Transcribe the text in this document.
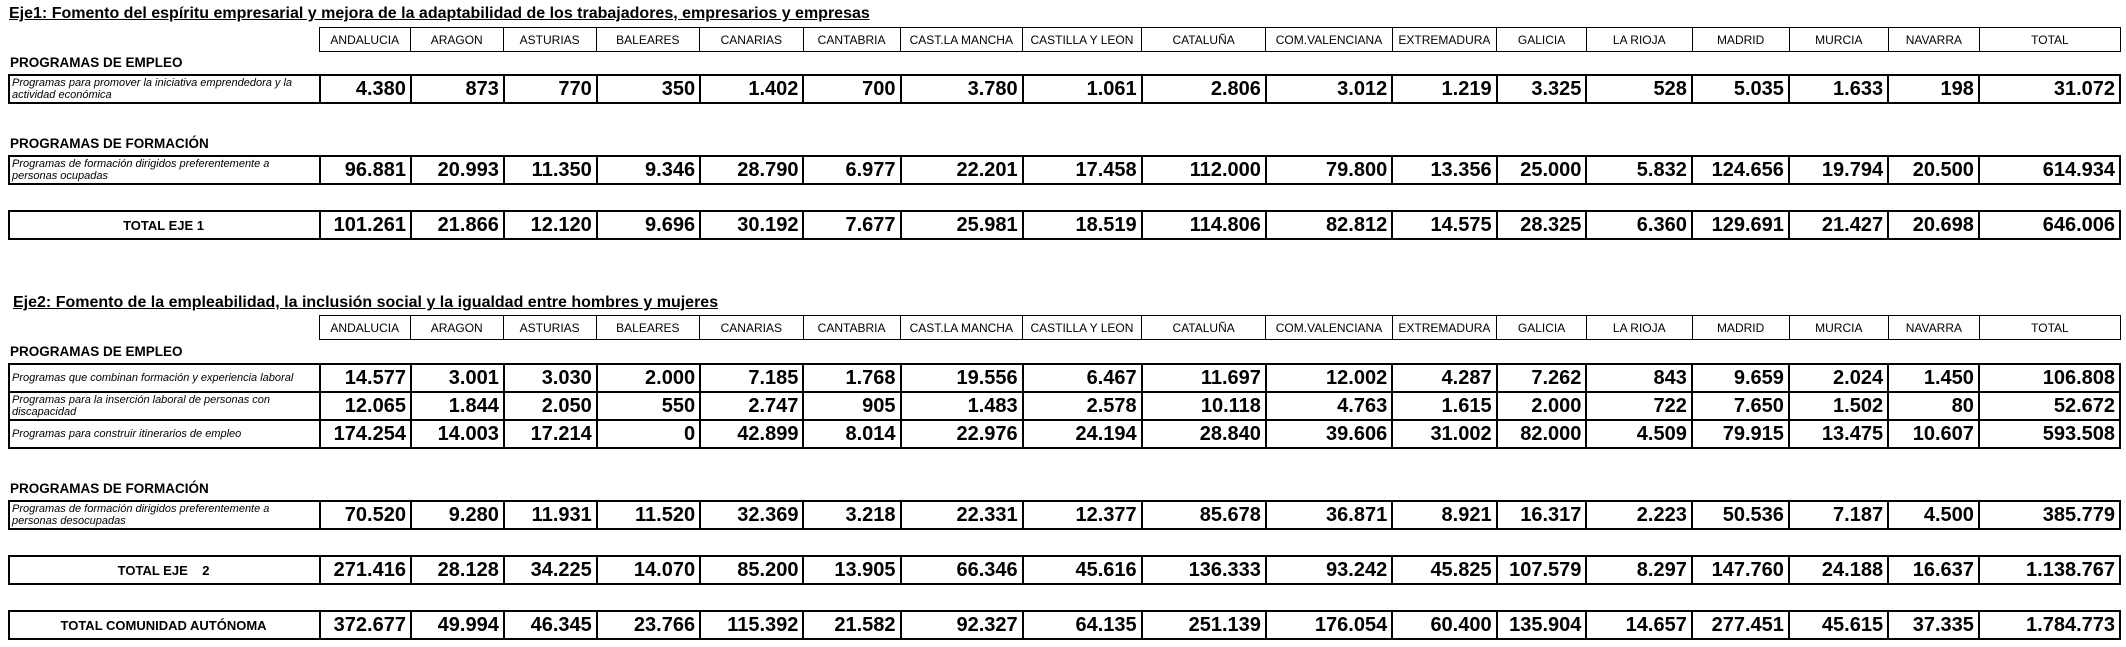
Eje1: Fomento del espíritu empresarial y mejora de la adaptabilidad de los trabajadores, empresarios y empresas
	ANDALUCIA	ARAGON	ASTURIAS	BALEARES	CANARIAS	CANTABRIA	CAST.LA MANCHA	CASTILLA Y LEON	CATALUÑA	COM.VALENCIANA	EXTREMADURA	GALICIA	LA RIOJA	MADRID	MURCIA	NAVARRA	TOTAL
PROGRAMAS DE EMPLEO
Programas para promover la iniciativa emprendedora y la actividad económica	4.380	873	770	350	1.402	700	3.780	1.061	2.806	3.012	1.219	3.325	528	5.035	1.633	198	31.072
PROGRAMAS DE FORMACIÓN
Programas de formación dirigidos preferentemente a personas ocupadas	96.881	20.993	11.350	9.346	28.790	6.977	22.201	17.458	112.000	79.800	13.356	25.000	5.832	124.656	19.794	20.500	614.934
TOTAL EJE 1	101.261	21.866	12.120	9.696	30.192	7.677	25.981	18.519	114.806	82.812	14.575	28.325	6.360	129.691	21.427	20.698	646.006
Eje2: Fomento de la empleabilidad, la inclusión social y la igualdad entre hombres y mujeres
	ANDALUCIA	ARAGON	ASTURIAS	BALEARES	CANARIAS	CANTABRIA	CAST.LA MANCHA	CASTILLA Y LEON	CATALUÑA	COM.VALENCIANA	EXTREMADURA	GALICIA	LA RIOJA	MADRID	MURCIA	NAVARRA	TOTAL
PROGRAMAS DE EMPLEO
Programas que combinan formación y experiencia laboral	14.577	3.001	3.030	2.000	7.185	1.768	19.556	6.467	11.697	12.002	4.287	7.262	843	9.659	2.024	1.450	106.808
Programas para la inserción laboral de personas con discapacidad	12.065	1.844	2.050	550	2.747	905	1.483	2.578	10.118	4.763	1.615	2.000	722	7.650	1.502	80	52.672
Programas para construir itinerarios de empleo	174.254	14.003	17.214	0	42.899	8.014	22.976	24.194	28.840	39.606	31.002	82.000	4.509	79.915	13.475	10.607	593.508
PROGRAMAS DE FORMACIÓN
Programas de formación dirigidos preferentemente a personas desocupadas	70.520	9.280	11.931	11.520	32.369	3.218	22.331	12.377	85.678	36.871	8.921	16.317	2.223	50.536	7.187	4.500	385.779
TOTAL EJE    2	271.416	28.128	34.225	14.070	85.200	13.905	66.346	45.616	136.333	93.242	45.825	107.579	8.297	147.760	24.188	16.637	1.138.767
TOTAL COMUNIDAD AUTÓNOMA	372.677	49.994	46.345	23.766	115.392	21.582	92.327	64.135	251.139	176.054	60.400	135.904	14.657	277.451	45.615	37.335	1.784.773
